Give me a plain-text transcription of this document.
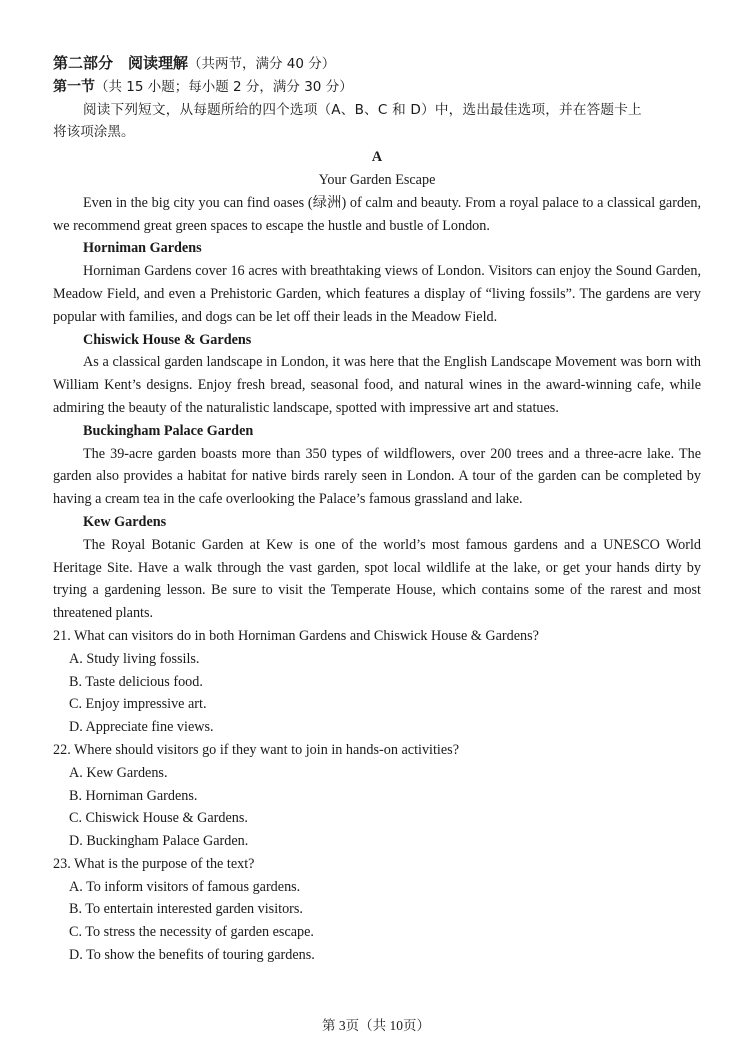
第二部分　阅读理解（共两节，满分 40 分）
第一节（共 15 小题；每小题 2 分，满分 30 分）
阅读下列短文，从每题所给的四个选项（A、B、C 和 D）中，选出最佳选项，并在答题卡上
将该项涂黑。
A
Your Garden Escape
Even in the big city you can find oases (绿洲) of calm and beauty. From a royal palace to a classical garden, we recommend great green spaces to escape the hustle and bustle of London.
Horniman Gardens
Horniman Gardens cover 16 acres with breathtaking views of London. Visitors can enjoy the Sound Garden, Meadow Field, and even a Prehistoric Garden, which features a display of “living fossils”. The gardens are very popular with families, and dogs can be let off their leads in the Meadow Field.
Chiswick House & Gardens
As a classical garden landscape in London, it was here that the English Landscape Movement was born with William Kent’s designs. Enjoy fresh bread, seasonal food, and natural wines in the award-winning cafe, while admiring the beauty of the naturalistic landscape, spotted with impressive art and statues.
Buckingham Palace Garden
The 39-acre garden boasts more than 350 types of wildflowers, over 200 trees and a three-acre lake. The garden also provides a habitat for native birds rarely seen in London. A tour of the garden can be completed by having a cream tea in the cafe overlooking the Palace’s famous grassland and lake.
Kew Gardens
The Royal Botanic Garden at Kew is one of the world’s most famous gardens and a UNESCO World Heritage Site. Have a walk through the vast garden, spot local wildlife at the lake, or get your hands dirty by trying a gardening lesson. Be sure to visit the Temperate House, which contains some of the rarest and most threatened plants.
21. What can visitors do in both Horniman Gardens and Chiswick House & Gardens?
A. Study living fossils.
B. Taste delicious food.
C. Enjoy impressive art.
D. Appreciate fine views.
22. Where should visitors go if they want to join in hands-on activities?
A. Kew Gardens.
B. Horniman Gardens.
C. Chiswick House & Gardens.
D. Buckingham Palace Garden.
23. What is the purpose of the text?
A. To inform visitors of famous gardens.
B. To entertain interested garden visitors.
C. To stress the necessity of garden escape.
D. To show the benefits of touring gardens.
第 3页（共 10页）
